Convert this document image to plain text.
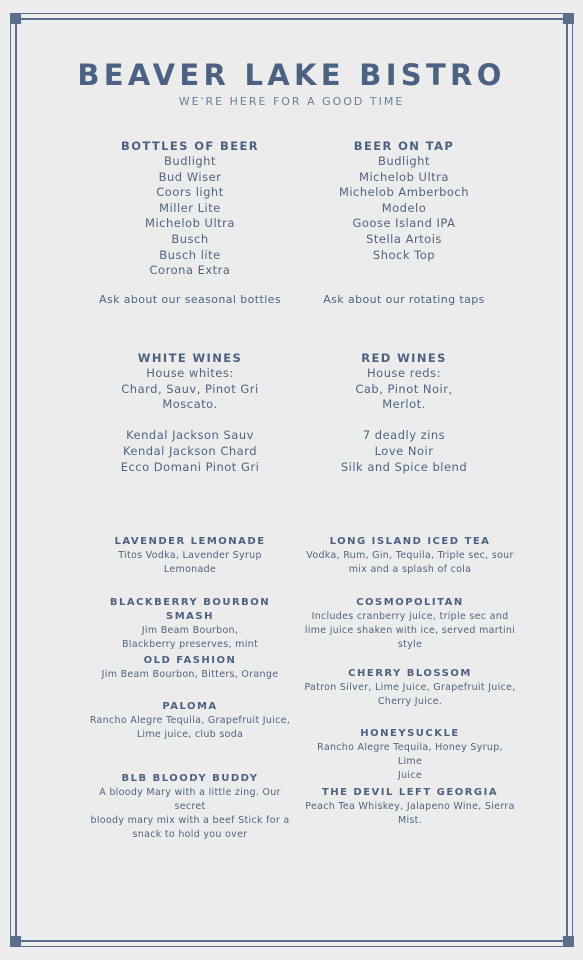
BEAVER LAKE BISTRO
WE'RE HERE FOR A GOOD TIME
BOTTLES OF BEER
Budlight
Bud Wiser
Coors light
Miller Lite
Michelob Ultra
Busch
Busch lite
Corona Extra
Ask about our seasonal bottles
BEER ON TAP
Budlight
Michelob Ultra
Michelob Amberboch
Modelo
Goose Island IPA
Stella Artois
Shock Top
Ask about our rotating taps
WHITE WINES
House whites:
Chard, Sauv, Pinot Gri
Moscato.
Kendal Jackson Sauv
Kendal Jackson Chard
Ecco Domani Pinot Gri
RED WINES
House reds:
Cab, Pinot Noir,
Merlot.
7 deadly zins
Love Noir
Silk and Spice blend
LAVENDER LEMONADE
Titos Vodka, Lavender Syrup
Lemonade
BLACKBERRY BOURBON SMASH
Jim Beam Bourbon,
Blackberry preserves, mint
OLD FASHION
Jim Beam Bourbon, Bitters, Orange
PALOMA
Rancho Alegre Tequila, Grapefruit Juice,
Lime juice, club soda
BLB BLOODY BUDDY
A bloody Mary with a little zing. Our secret
bloody mary mix with a beef Stick for a
snack to hold you over
LONG ISLAND ICED TEA
Vodka, Rum, Gin, Tequila, Triple sec, sour
mix and a splash of cola
COSMOPOLITAN
Includes cranberry juice, triple sec and
lime juice shaken with ice, served martini
style
CHERRY BLOSSOM
Patron Silver, Lime Juice, Grapefruit Juice,
Cherry Juice.
HONEYSUCKLE
Rancho Alegre Tequila, Honey Syrup, Lime
Juice
THE DEVIL LEFT GEORGIA
Peach Tea Whiskey, Jalapeno Wine, Sierra
Mist.
